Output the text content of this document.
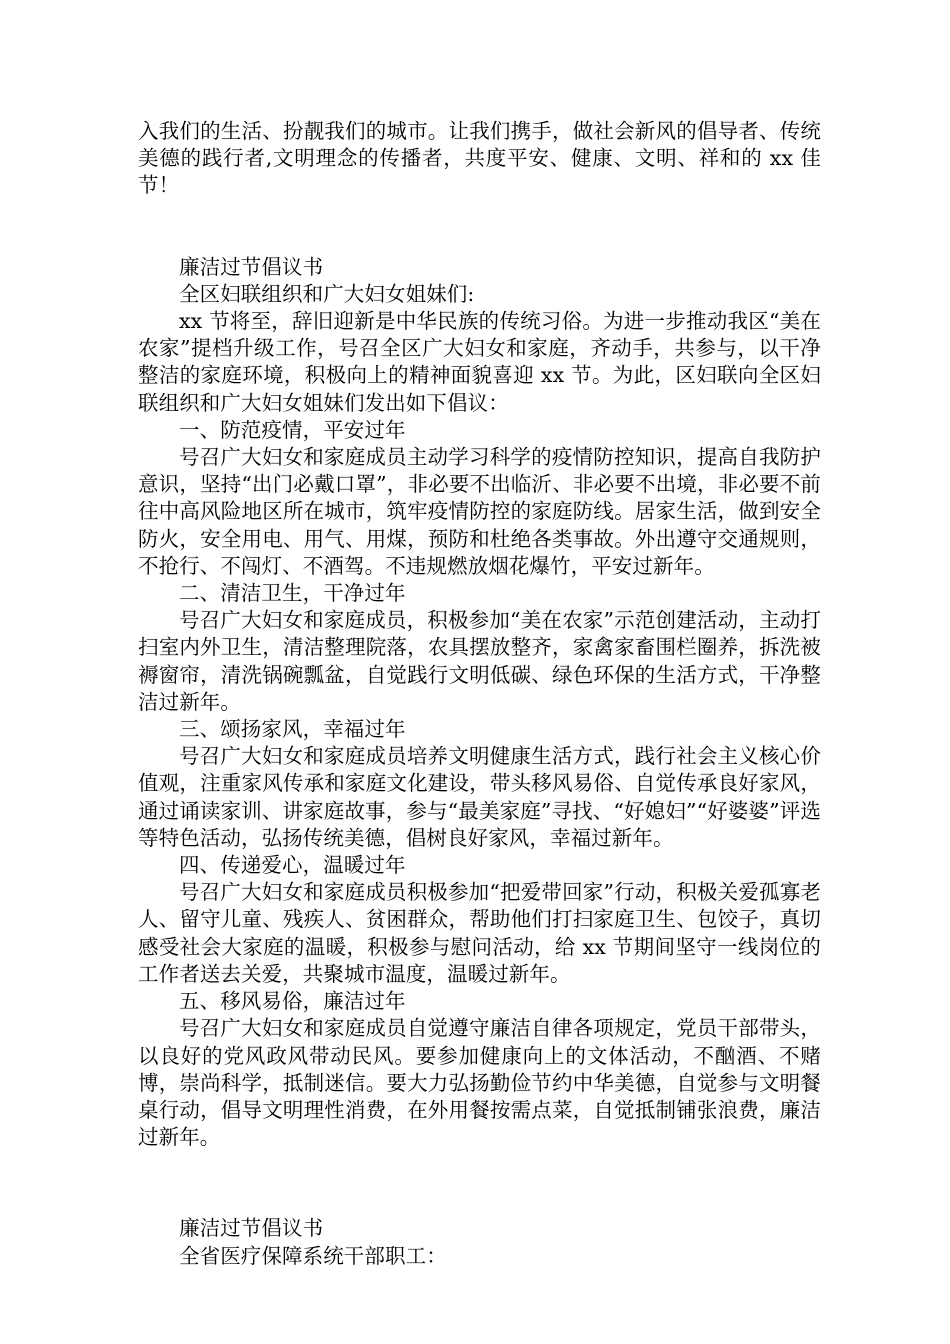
入我们的生活、扮靓我们的城市。让我们携手，做社会新风的倡导者、传统美德的践行者,文明理念的传播者，共度平安、健康、文明、祥和的 xx 佳节！

廉洁过节倡议书

全区妇联组织和广大妇女姐妹们:

xx 节将至，辞旧迎新是中华民族的传统习俗。为进一步推动我区“美在农家”提档升级工作，号召全区广大妇女和家庭，齐动手，共参与，以干净整洁的家庭环境，积极向上的精神面貌喜迎 xx 节。为此，区妇联向全区妇联组织和广大妇女姐妹们发出如下倡议：

一、防范疫情，平安过年

号召广大妇女和家庭成员主动学习科学的疫情防控知识，提高自我防护意识，坚持“出门必戴口罩”，非必要不出临沂、非必要不出境，非必要不前往中高风险地区所在城市，筑牢疫情防控的家庭防线。居家生活，做到安全防火，安全用电、用气、用煤，预防和杜绝各类事故。外出遵守交通规则，不抢行、不闯灯、不酒驾。不违规燃放烟花爆竹，平安过新年。

二、清洁卫生，干净过年

号召广大妇女和家庭成员，积极参加“美在农家”示范创建活动，主动打扫室内外卫生，清洁整理院落，农具摆放整齐，家禽家畜围栏圈养，拆洗被褥窗帘，清洗锅碗瓢盆，自觉践行文明低碳、绿色环保的生活方式，干净整洁过新年。

三、颂扬家风，幸福过年

号召广大妇女和家庭成员培养文明健康生活方式，践行社会主义核心价值观，注重家风传承和家庭文化建设，带头移风易俗、自觉传承良好家风，通过诵读家训、讲家庭故事，参与“最美家庭”寻找、“好媳妇”“好婆婆”评选等特色活动，弘扬传统美德，倡树良好家风，幸福过新年。

四、传递爱心，温暖过年

号召广大妇女和家庭成员积极参加“把爱带回家”行动，积极关爱孤寡老人、留守儿童、残疾人、贫困群众，帮助他们打扫家庭卫生、包饺子，真切感受社会大家庭的温暖，积极参与慰问活动，给 xx 节期间坚守一线岗位的工作者送去关爱，共聚城市温度，温暖过新年。

五、移风易俗，廉洁过年

号召广大妇女和家庭成员自觉遵守廉洁自律各项规定，党员干部带头，以良好的党风政风带动民风。要参加健康向上的文体活动，不酗酒、不赌博，崇尚科学，抵制迷信。要大力弘扬勤俭节约中华美德，自觉参与文明餐桌行动，倡导文明理性消费，在外用餐按需点菜，自觉抵制铺张浪费，廉洁过新年。

廉洁过节倡议书

全省医疗保障系统干部职工：
